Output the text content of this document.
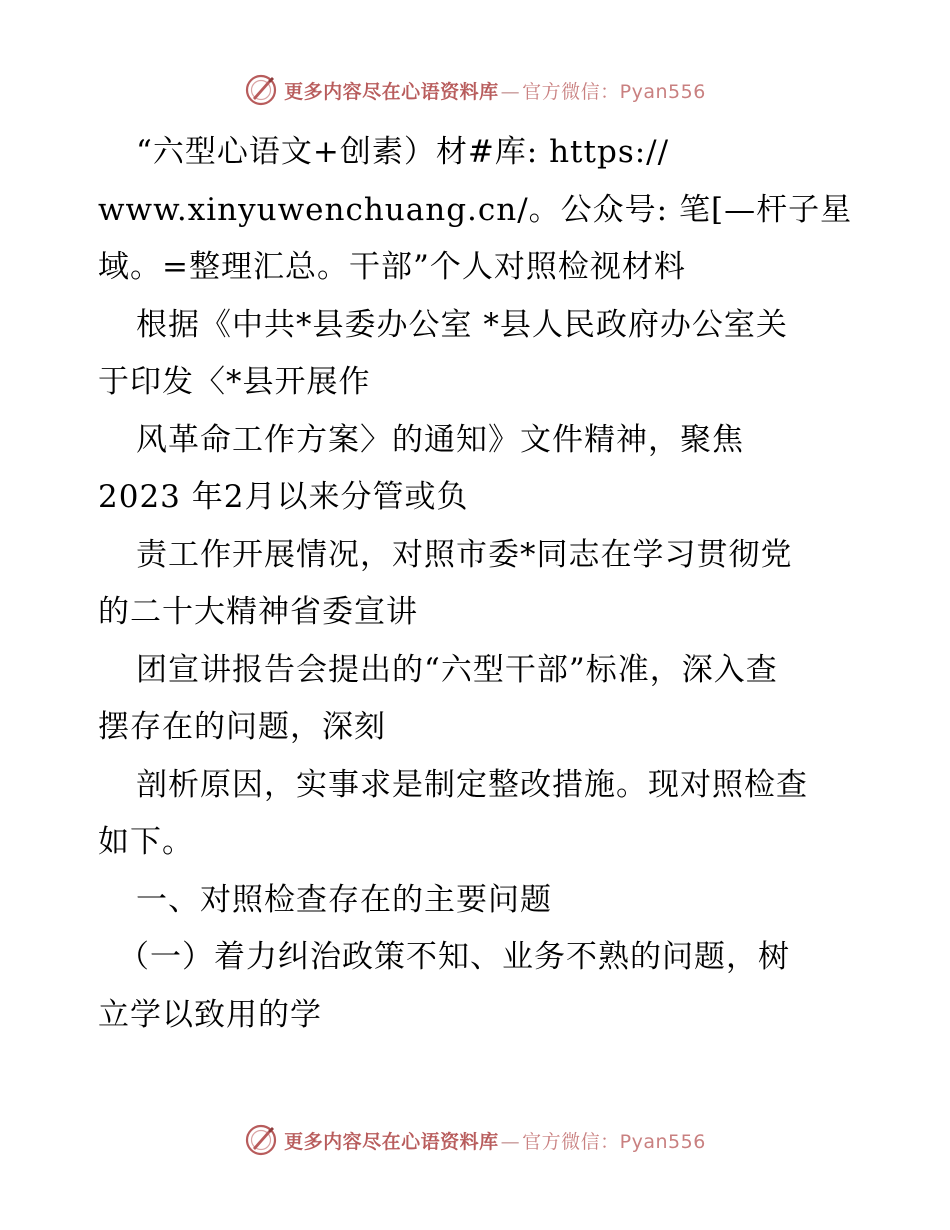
更多内容尽在心语资料库 — 官方微信：Pyan556
“六型心语文+创素）材#库: https://
www.xinyuwenchuang.cn/。公众号: 笔[—杆子星
域。=整理汇总。干部”个人对照检视材料
根据《中共*县委办公室 *县人民政府办公室关
于印发〈*县开展作
风革命工作方案〉的通知》文件精神，聚焦
2023 年2月以来分管或负
责工作开展情况，对照市委*同志在学习贯彻党
的二十大精神省委宣讲
团宣讲报告会提出的“六型干部”标准，深入查
摆存在的问题，深刻
剖析原因，实事求是制定整改措施。现对照检查
如下。
一、对照检查存在的主要问题
（一）着力纠治政策不知、业务不熟的问题，树
立学以致用的学
更多内容尽在心语资料库 — 官方微信：Pyan556
